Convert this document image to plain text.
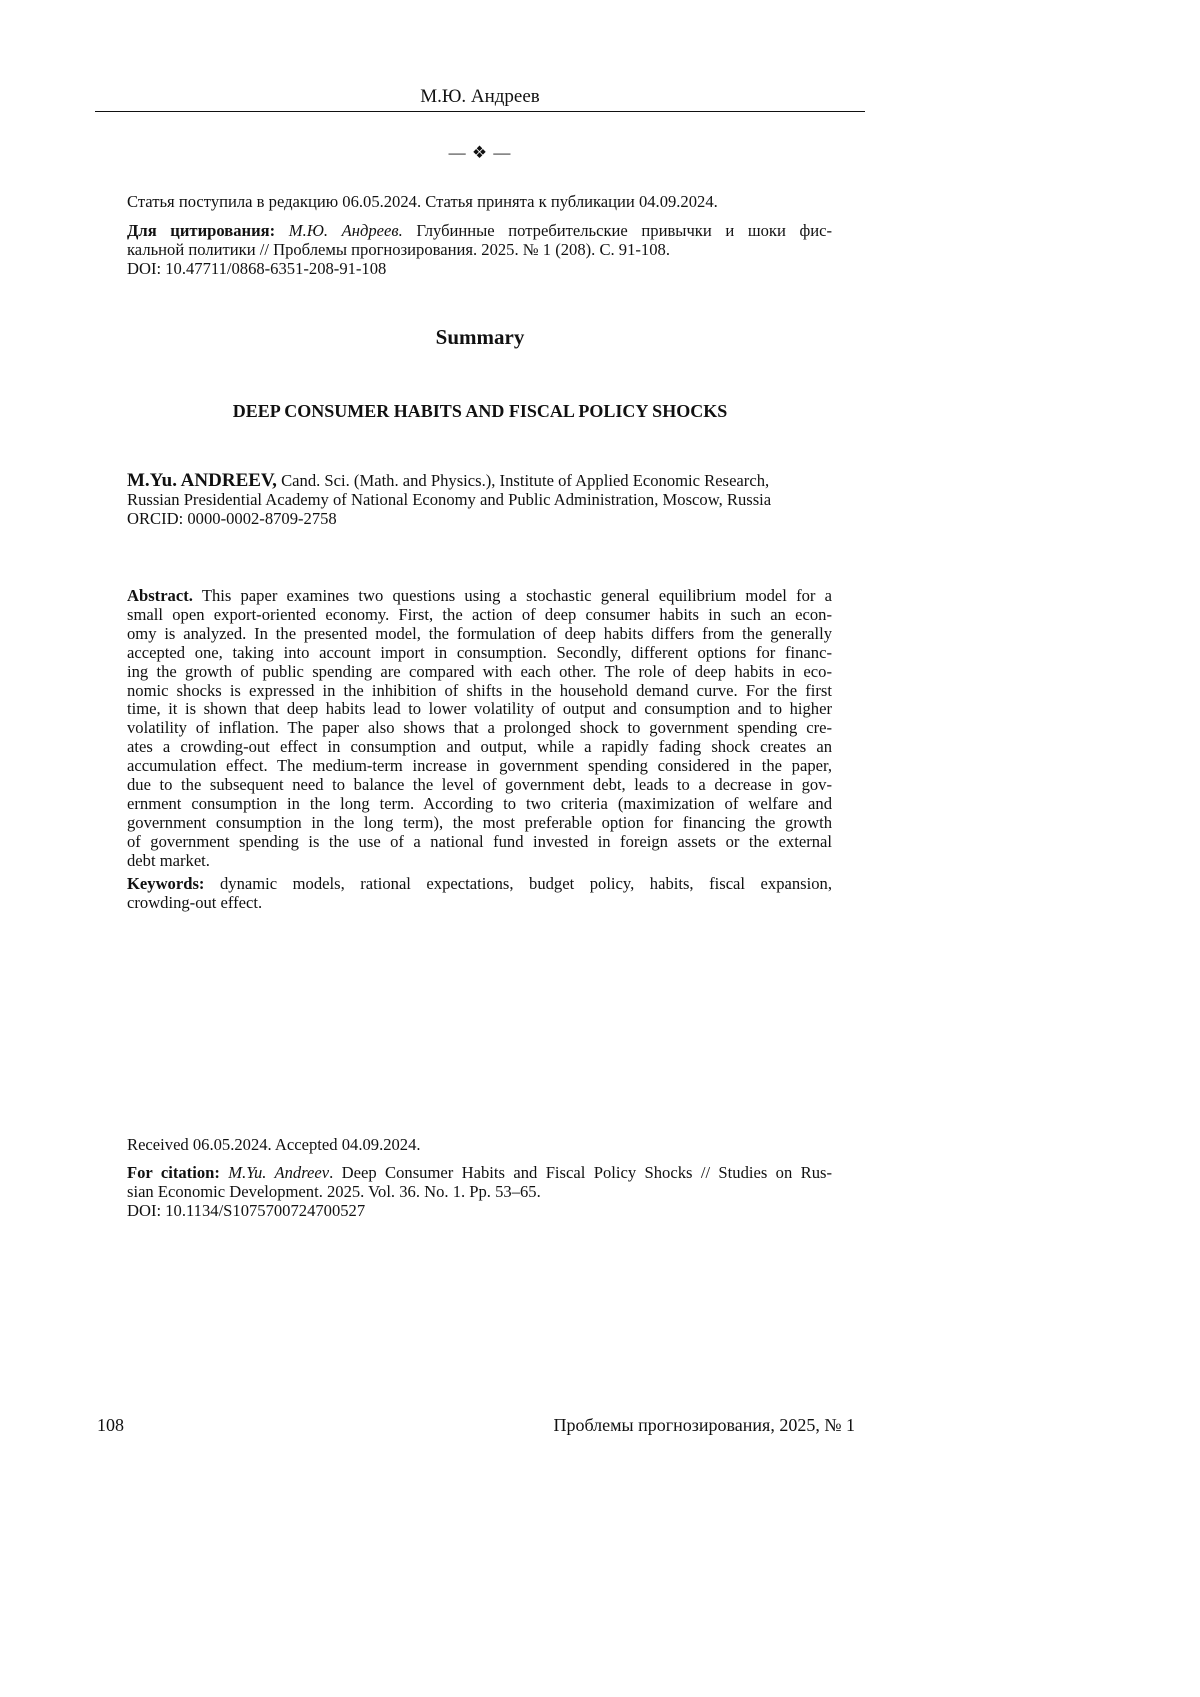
М.Ю. Андреев
— ❖ —
Статья поступила в редакцию 06.05.2024. Статья принята к публикации 04.09.2024.
Для цитирования: М.Ю. Андреев. Глубинные потребительские привычки и шоки фис-
кальной политики // Проблемы прогнозирования. 2025. № 1 (208). С. 91-108.
DOI: 10.47711/0868-6351-208-91-108
Summary
DEEP CONSUMER HABITS AND FISCAL POLICY SHOCKS
M.Yu. ANDREEV, Cand. Sci. (Math. and Physics.), Institute of Applied Economic Research,
Russian Presidential Academy of National Economy and Public Administration, Moscow, Russia
ORCID: 0000-0002-8709-2758
Abstract. This paper examines two questions using a stochastic general equilibrium model for a
small open export-oriented economy. First, the action of deep consumer habits in such an econ-
omy is analyzed. In the presented model, the formulation of deep habits differs from the generally
accepted one, taking into account import in consumption. Secondly, different options for financ-
ing the growth of public spending are compared with each other. The role of deep habits in eco-
nomic shocks is expressed in the inhibition of shifts in the household demand curve. For the first
time, it is shown that deep habits lead to lower volatility of output and consumption and to higher
volatility of inflation. The paper also shows that a prolonged shock to government spending cre-
ates a crowding-out effect in consumption and output, while a rapidly fading shock creates an
accumulation effect. The medium-term increase in government spending considered in the paper,
due to the subsequent need to balance the level of government debt, leads to a decrease in gov-
ernment consumption in the long term. According to two criteria (maximization of welfare and
government consumption in the long term), the most preferable option for financing the growth
of government spending is the use of a national fund invested in foreign assets or the external
debt market.
Keywords: dynamic models, rational expectations, budget policy, habits, fiscal expansion,
crowding-out effect.
Received 06.05.2024. Accepted 04.09.2024.
For citation: M.Yu. Andreev. Deep Consumer Habits and Fiscal Policy Shocks // Studies on Rus-
sian Economic Development. 2025. Vol. 36. No. 1. Pp. 53–65.
DOI: 10.1134/S1075700724700527
108	Проблемы прогнозирования, 2025, № 1
